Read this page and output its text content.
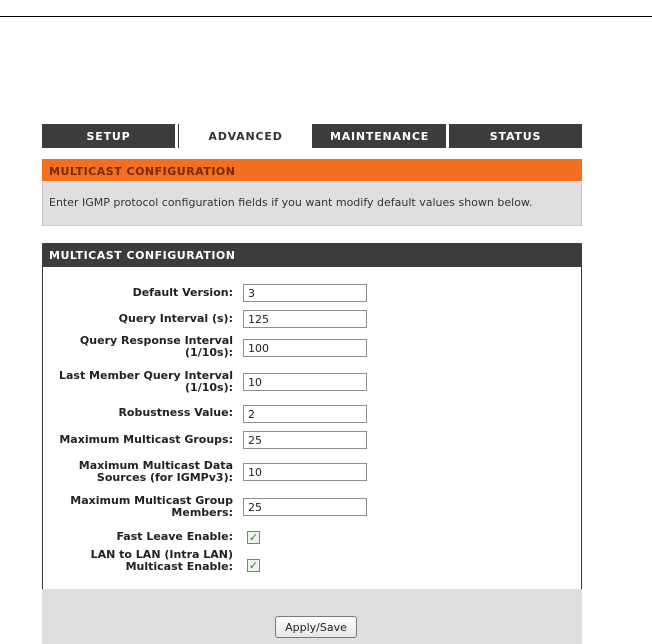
SETUP	ADVANCED	MAINTENANCE	STATUS
MULTICAST CONFIGURATION
Enter IGMP protocol configuration fields if you want modify default values shown below.
MULTICAST CONFIGURATION
Default Version:
3
Query Interval (s):
125
Query Response Interval (1/10s):
100
Last Member Query Interval (1/10s):
10
Robustness Value:
2
Maximum Multicast Groups:
25
Maximum Multicast Data Sources (for IGMPv3):
10
Maximum Multicast Group Members:
25
Fast Leave Enable: ✓
LAN to LAN (Intra LAN) Multicast Enable: ✓
Apply/Save
